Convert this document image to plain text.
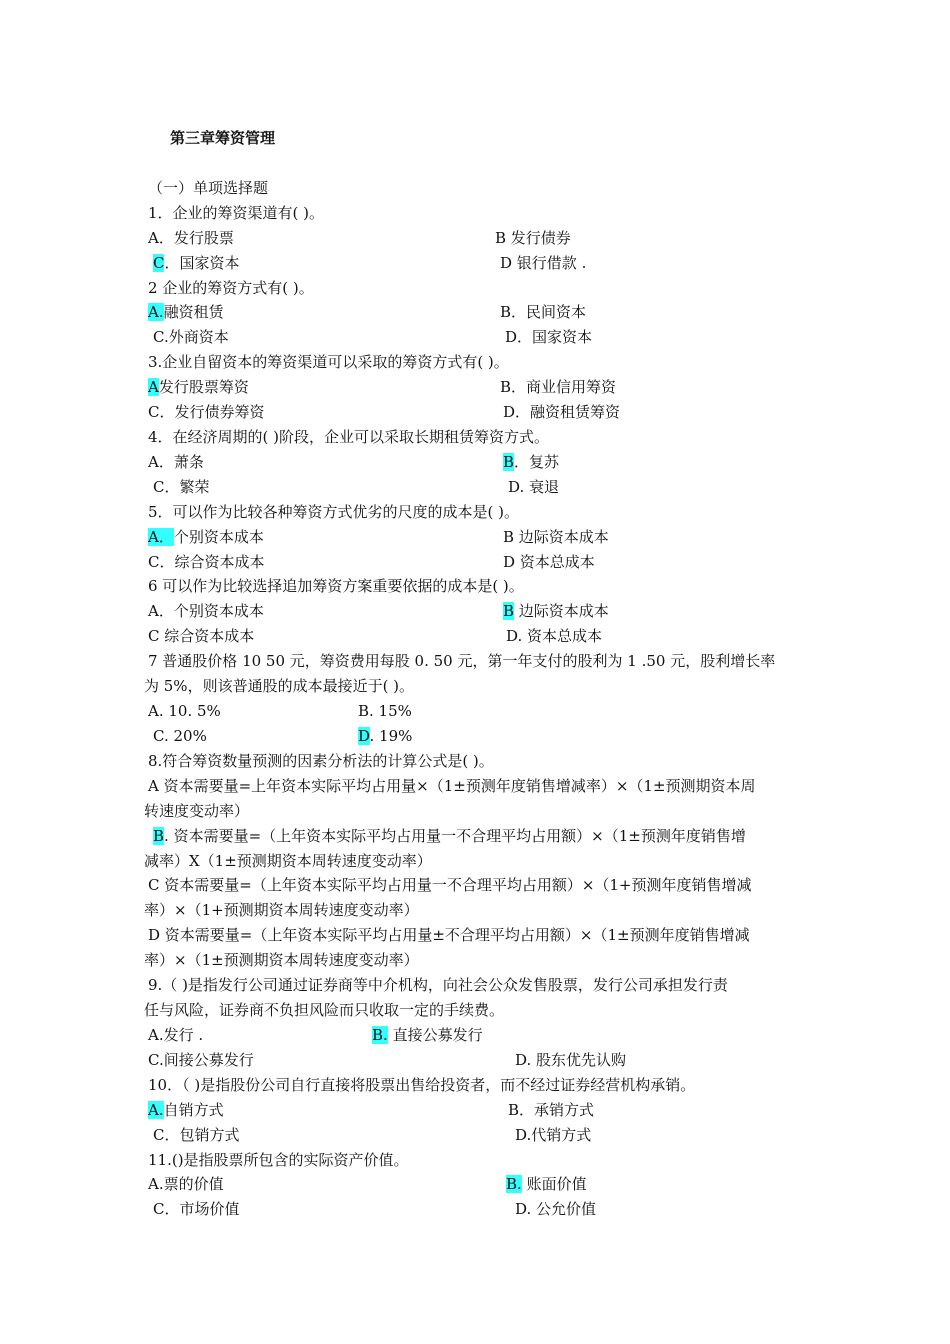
第三章筹资管理
（一）单项选择题
1．企业的筹资渠道有( )。
A．发行股票	B 发行债券
C．国家资本	D 银行借款 .
2 企业的筹资方式有( )。
A.融资租赁	B．民间资本
C.外商资本	D．国家资本
3.企业自留资本的筹资渠道可以采取的筹资方式有( )。
A发行股票筹资	B．商业信用筹资
C．发行债券筹资	D．融资租赁筹资
4．在经济周期的( )阶段，企业可以采取长期租赁筹资方式。
A．萧条	B．复苏
C．繁荣	D. 衰退
5．可以作为比较各种筹资方式优劣的尺度的成本是( )。
A．个别资本成本	B 边际资本成本
C．综合资本成本	D 资本总成本
6 可以作为比较选择追加筹资方案重要依据的成本是( )。
A．个别资本成本	B 边际资本成本
C 综合资本成本	D. 资本总成本
7 普通股价格 10 50 元，筹资费用每股 0. 50 元，第一年支付的股利为 1 .50 元，股利增长率
为 5%，则该普通股的成本最接近于( )。
A. 10. 5%	B. 15%
C. 20%	D. 19%
8.符合筹资数量预测的因素分析法的计算公式是( )。
A 资本需要量=上年资本实际平均占用量×（1±预测年度销售增减率）×（1±预测期资本周
转速度变动率）
B. 资本需要量=（上年资本实际平均占用量一不合理平均占用额）×（1±预测年度销售增
减率）X（1±预测期资本周转速度变动率）
C 资本需要量=（上年资本实际平均占用量一不合理平均占用额）×（1+预测年度销售增减
率）×（1+预测期资本周转速度变动率）
D 资本需要量=（上年资本实际平均占用量±不合理平均占用额）×（1±预测年度销售增减
率）×（1±预测期资本周转速度变动率）
9.（ )是指发行公司通过证券商等中介机构，向社会公众发售股票，发行公司承担发行责
任与风险，证券商不负担风险而只收取一定的手续费。
A.发行 .	B. 直接公募发行
C.间接公募发行	D. 股东优先认购
10．（ )是指股份公司自行直接将股票出售给投资者，而不经过证券经营机构承销。
A.自销方式	B．承销方式
C．包销方式	D.代销方式
11.()是指股票所包含的实际资产价值。
A.票的价值	B. 账面价值
C．市场价值	D. 公允价值
